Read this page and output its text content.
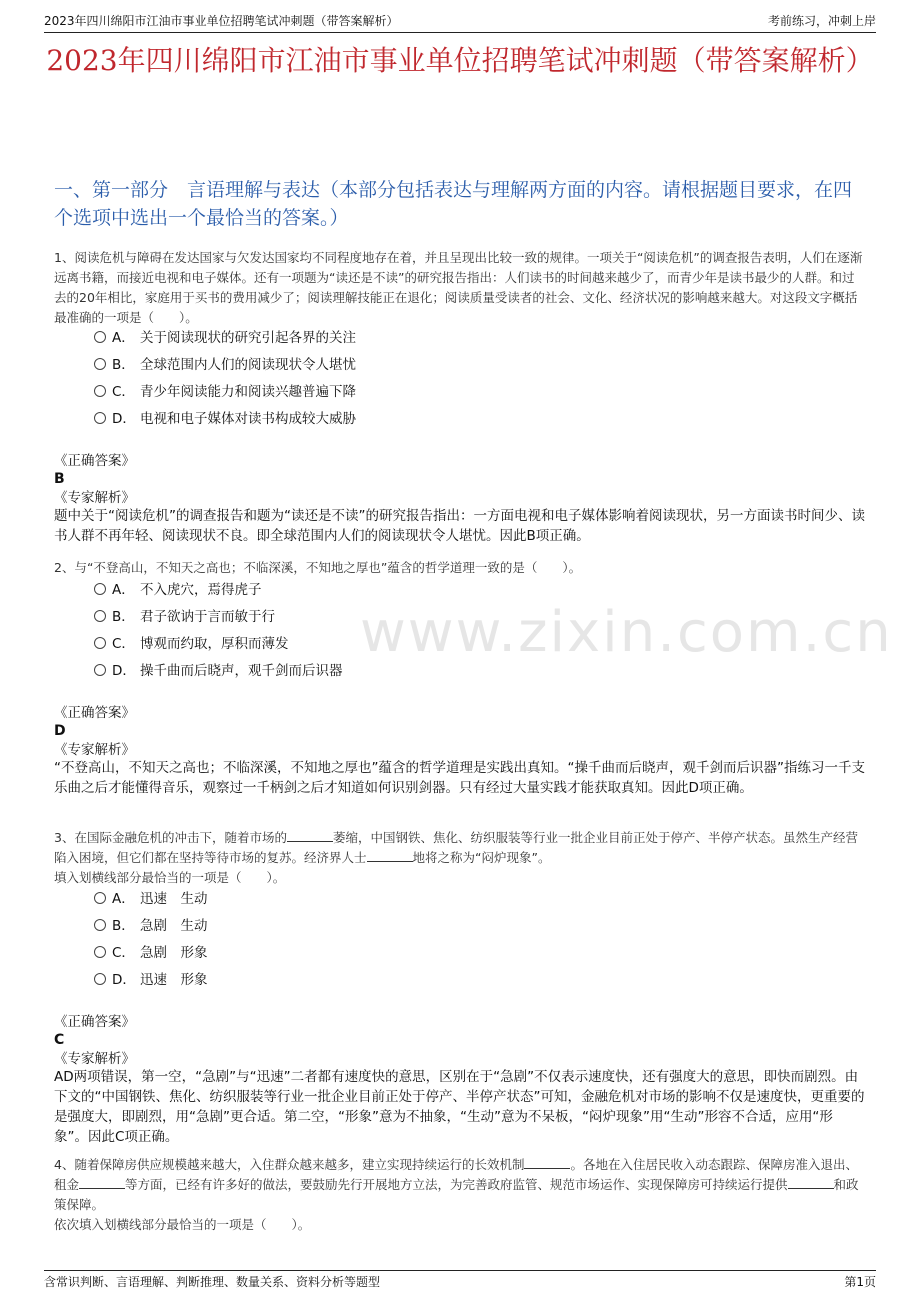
2023年四川绵阳市江油市事业单位招聘笔试冲刺题（带答案解析）	考前练习，冲刺上岸
2023年四川绵阳市江油市事业单位招聘笔试冲刺题（带答案解析）
一、第一部分　言语理解与表达（本部分包括表达与理解两方面的内容。请根据题目要求，在四个选项中选出一个最恰当的答案。）
www.zixin.com.cn
1、阅读危机与障碍在发达国家与欠发达国家均不同程度地存在着，并且呈现出比较一致的规律。一项关于“阅读危机”的调查报告表明，人们在逐渐远离书籍，而接近电视和电子媒体。还有一项题为“读还是不读”的研究报告指出：人们读书的时间越来越少了，而青少年是读书最少的人群。和过去的20年相比，家庭用于买书的费用减少了；阅读理解技能正在退化；阅读质量受读者的社会、文化、经济状况的影响越来越大。对这段文字概括最准确的一项是（　　）。
A． 关于阅读现状的研究引起各界的关注
B． 全球范围内人们的阅读现状令人堪忧
C． 青少年阅读能力和阅读兴趣普遍下降
D． 电视和电子媒体对读书构成较大威胁
《正确答案》
B
《专家解析》
题中关于“阅读危机”的调查报告和题为“读还是不读”的研究报告指出：一方面电视和电子媒体影响着阅读现状，另一方面读书时间少、读书人群不再年轻、阅读现状不良。即全球范围内人们的阅读现状令人堪忧。因此B项正确。
2、与“不登高山，不知天之高也；不临深溪，不知地之厚也”蕴含的哲学道理一致的是（　　）。
A． 不入虎穴，焉得虎子
B． 君子欲讷于言而敏于行
C． 博观而约取，厚积而薄发
D． 操千曲而后晓声，观千剑而后识器
《正确答案》
D
《专家解析》
“不登高山，不知天之高也；不临深溪，不知地之厚也”蕴含的哲学道理是实践出真知。“操千曲而后晓声，观千剑而后识器”指练习一千支乐曲之后才能懂得音乐，观察过一千柄剑之后才知道如何识别剑器。只有经过大量实践才能获取真知。因此D项正确。
3、在国际金融危机的冲击下，随着市场的	萎缩，中国钢铁、焦化、纺织服装等行业一批企业目前正处于停产、半停产状态。虽然生产经营陷入困境，但它们都在坚持等待市场的复苏。经济界人士	地将之称为“闷炉现象”。
填入划横线部分最恰当的一项是（　　）。
A． 迅速　生动
B． 急剧　生动
C． 急剧　形象
D． 迅速　形象
《正确答案》
C
《专家解析》
AD两项错误，第一空，“急剧”与“迅速”二者都有速度快的意思，区别在于“急剧”不仅表示速度快，还有强度大的意思，即快而剧烈。由下文的“中国钢铁、焦化、纺织服装等行业一批企业目前正处于停产、半停产状态”可知，金融危机对市场的影响不仅是速度快，更重要的是强度大，即剧烈，用“急剧”更合适。第二空，“形象”意为不抽象，“生动”意为不呆板，“闷炉现象”用“生动”形容不合适，应用“形象”。因此C项正确。
4、随着保障房供应规模越来越大，入住群众越来越多，建立实现持续运行的长效机制	。各地在入住居民收入动态跟踪、保障房准入退出、租金	等方面，已经有许多好的做法，要鼓励先行开展地方立法，为完善政府监管、规范市场运作、实现保障房可持续运行提供	和政策保障。
依次填入划横线部分最恰当的一项是（　　）。
含常识判断、言语理解、判断推理、数量关系、资料分析等题型	第1页
